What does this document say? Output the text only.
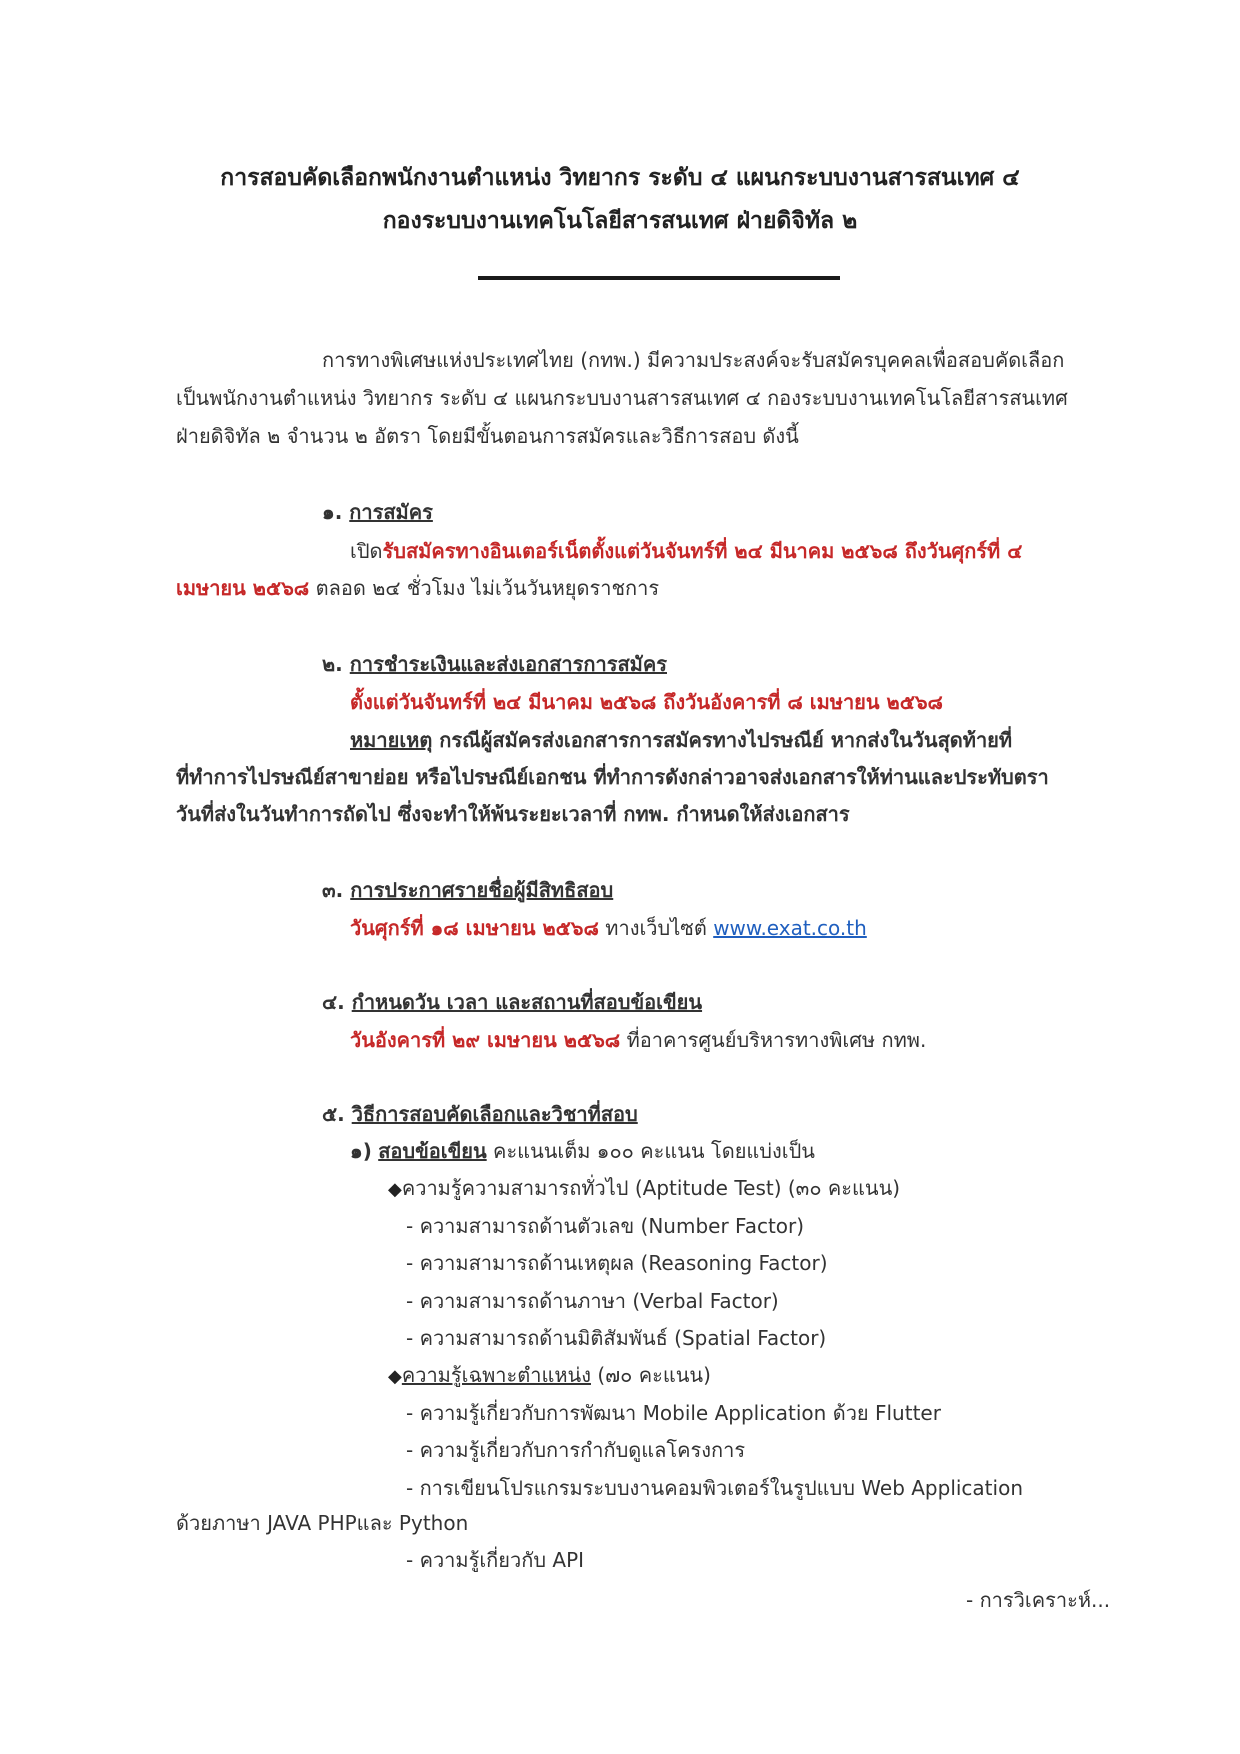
การสอบคัดเลือกพนักงานตำแหน่ง วิทยากร ระดับ ๔ แผนกระบบงานสารสนเทศ ๔
กองระบบงานเทคโนโลยีสารสนเทศ ฝ่ายดิจิทัล ๒
การทางพิเศษแห่งประเทศไทย (กทพ.) มีความประสงค์จะรับสมัครบุคคลเพื่อสอบคัดเลือก
เป็นพนักงานตำแหน่ง วิทยากร ระดับ ๔ แผนกระบบงานสารสนเทศ ๔ กองระบบงานเทคโนโลยีสารสนเทศ
ฝ่ายดิจิทัล ๒ จำนวน ๒ อัตรา โดยมีขั้นตอนการสมัครและวิธีการสอบ ดังนี้
๑. การสมัคร
เปิดรับสมัครทางอินเตอร์เน็ตตั้งแต่วันจันทร์ที่ ๒๔ มีนาคม ๒๕๖๘ ถึงวันศุกร์ที่ ๔
เมษายน ๒๕๖๘ ตลอด ๒๔ ชั่วโมง ไม่เว้นวันหยุดราชการ
๒. การชำระเงินและส่งเอกสารการสมัคร
ตั้งแต่วันจันทร์ที่ ๒๔ มีนาคม ๒๕๖๘ ถึงวันอังคารที่ ๘ เมษายน ๒๕๖๘
หมายเหตุ กรณีผู้สมัครส่งเอกสารการสมัครทางไปรษณีย์ หากส่งในวันสุดท้ายที่
ที่ทำการไปรษณีย์สาขาย่อย หรือไปรษณีย์เอกชน ที่ทำการดังกล่าวอาจส่งเอกสารให้ท่านและประทับตรา
วันที่ส่งในวันทำการถัดไป ซึ่งจะทำให้พ้นระยะเวลาที่ กทพ. กำหนดให้ส่งเอกสาร
๓. การประกาศรายชื่อผู้มีสิทธิสอบ
วันศุกร์ที่ ๑๘ เมษายน ๒๕๖๘ ทางเว็บไซต์ www.exat.co.th
๔. กำหนดวัน เวลา และสถานที่สอบข้อเขียน
วันอังคารที่ ๒๙ เมษายน ๒๕๖๘ ที่อาคารศูนย์บริหารทางพิเศษ กทพ.
๕. วิธีการสอบคัดเลือกและวิชาที่สอบ
๑) สอบข้อเขียน คะแนนเต็ม ๑๐๐ คะแนน โดยแบ่งเป็น
◆ความรู้ความสามารถทั่วไป (Aptitude Test) (๓๐ คะแนน)
- ความสามารถด้านตัวเลข (Number Factor)
- ความสามารถด้านเหตุผล (Reasoning Factor)
- ความสามารถด้านภาษา (Verbal Factor)
- ความสามารถด้านมิติสัมพันธ์ (Spatial Factor)
◆ความรู้เฉพาะตำแหน่ง (๗๐ คะแนน)
- ความรู้เกี่ยวกับการพัฒนา Mobile Application ด้วย Flutter
- ความรู้เกี่ยวกับการกำกับดูแลโครงการ
- การเขียนโปรแกรมระบบงานคอมพิวเตอร์ในรูปแบบ Web Application
ด้วยภาษา JAVA PHPและ Python
- ความรู้เกี่ยวกับ API
- การวิเคราะห์...
